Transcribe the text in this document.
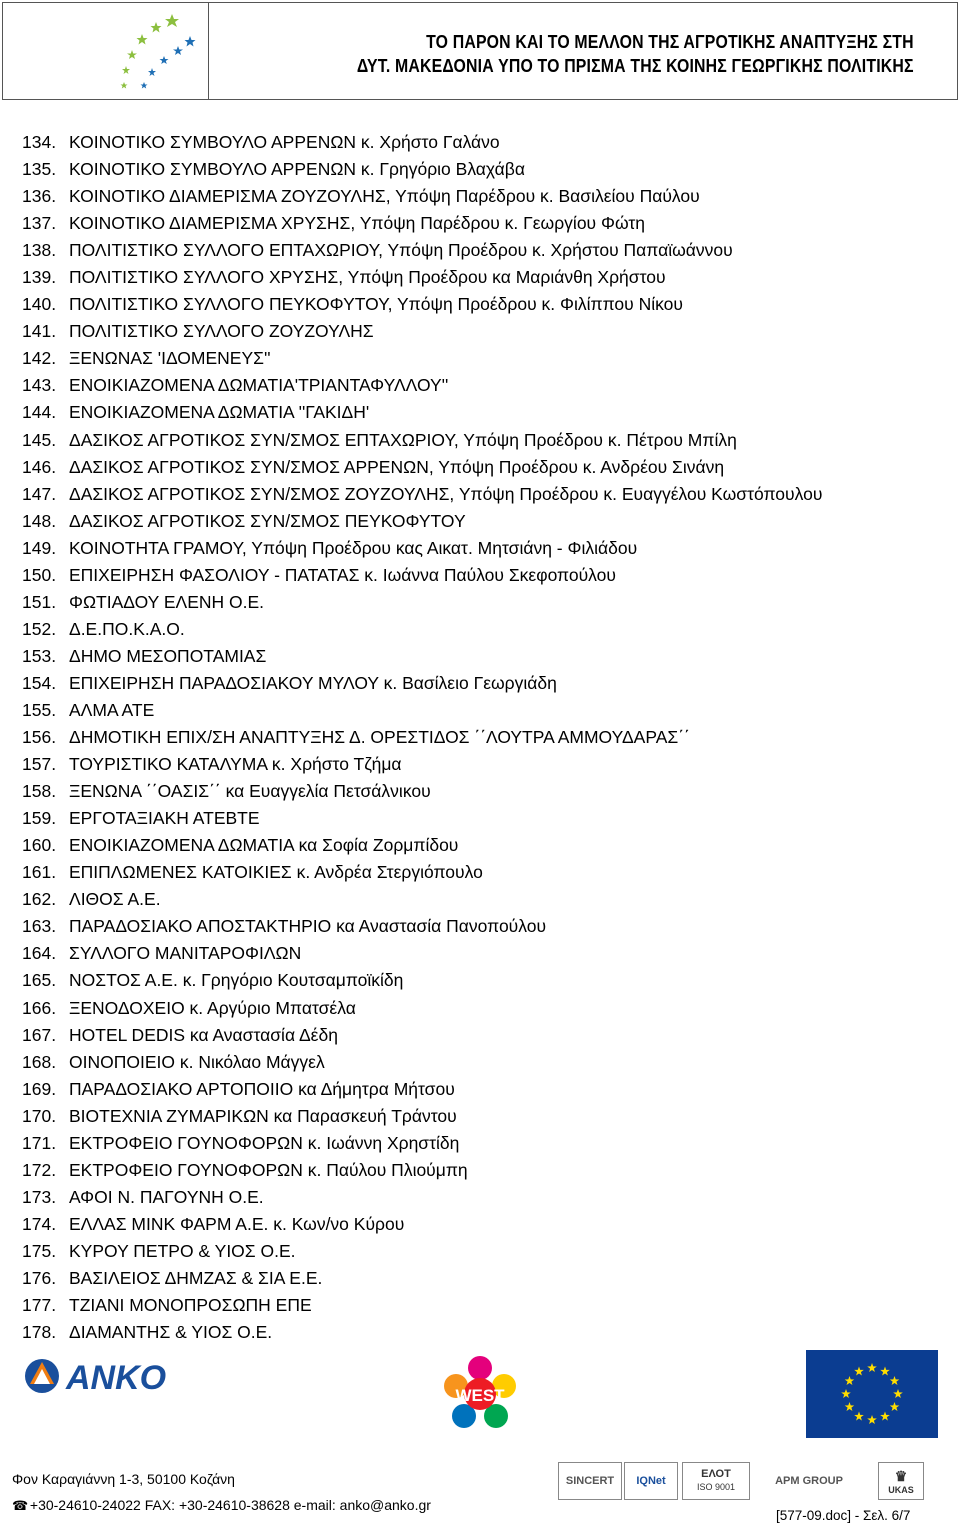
ΤΟ ΠΑΡΟΝ ΚΑΙ ΤΟ ΜΕΛΛΟΝ ΤΗΣ ΑΓΡΟΤΙΚΗΣ ΑΝΑΠΤΥΞΗΣ ΣΤΗ
ΔΥΤ. ΜΑΚΕΔΟΝΙΑ ΥΠΟ ΤΟ ΠΡΙΣΜΑ ΤΗΣ ΚΟΙΝΗΣ ΓΕΩΡΓΙΚΗΣ ΠΟΛΙΤΙΚΗΣ
134. ΚΟΙΝΟΤΙΚΟ ΣΥΜΒΟΥΛΟ ΑΡΡΕΝΩΝ κ. Χρήστο Γαλάνο
135. ΚΟΙΝΟΤΙΚΟ ΣΥΜΒΟΥΛΟ ΑΡΡΕΝΩΝ κ. Γρηγόριο Βλαχάβα
136. ΚΟΙΝΟΤΙΚΟ ΔΙΑΜΕΡΙΣΜΑ ΖΟΥΖΟΥΛΗΣ, Υπόψη Παρέδρου κ. Βασιλείου Παύλου
137. ΚΟΙΝΟΤΙΚΟ ΔΙΑΜΕΡΙΣΜΑ ΧΡΥΣΗΣ, Υπόψη Παρέδρου κ. Γεωργίου Φώτη
138. ΠΟΛΙΤΙΣΤΙΚΟ ΣΥΛΛΟΓΟ ΕΠΤΑΧΩΡΙΟΥ, Υπόψη Προέδρου κ. Χρήστου Παπαϊωάννου
139. ΠΟΛΙΤΙΣΤΙΚΟ ΣΥΛΛΟΓΟ ΧΡΥΣΗΣ, Υπόψη Προέδρου κα Μαριάνθη Χρήστου
140. ΠΟΛΙΤΙΣΤΙΚΟ ΣΥΛΛΟΓΟ ΠΕΥΚΟΦΥΤΟΥ, Υπόψη Προέδρου κ. Φιλίππου Νίκου
141. ΠΟΛΙΤΙΣΤΙΚΟ ΣΥΛΛΟΓΟ ΖΟΥΖΟΥΛΗΣ
142. ΞΕΝΩΝΑΣ 'ΙΔΟΜΕΝΕΥΣ''
143. ΕΝΟΙΚΙΑΖΟΜΕΝΑ ΔΩΜΑΤΙΑ'ΤΡΙΑΝΤΑΦΥΛΛΟΥ''
144. ΕΝΟΙΚΙΑΖΟΜΕΝΑ ΔΩΜΑΤΙΑ ''ΓΑΚΙΔΗ'
145. ΔΑΣΙΚΟΣ ΑΓΡΟΤΙΚΟΣ ΣΥΝ/ΣΜΟΣ ΕΠΤΑΧΩΡΙΟΥ, Υπόψη Προέδρου κ. Πέτρου Μπίλη
146. ΔΑΣΙΚΟΣ ΑΓΡΟΤΙΚΟΣ ΣΥΝ/ΣΜΟΣ ΑΡΡΕΝΩΝ, Υπόψη Προέδρου κ. Ανδρέου Σινάνη
147. ΔΑΣΙΚΟΣ ΑΓΡΟΤΙΚΟΣ ΣΥΝ/ΣΜΟΣ ΖΟΥΖΟΥΛΗΣ, Υπόψη Προέδρου κ. Ευαγγέλου Κωστόπουλου
148. ΔΑΣΙΚΟΣ ΑΓΡΟΤΙΚΟΣ ΣΥΝ/ΣΜΟΣ ΠΕΥΚΟΦΥΤΟΥ
149. ΚΟΙΝΟΤΗΤΑ ΓΡΑΜΟΥ, Υπόψη Προέδρου κας Αικατ. Μητσιάνη - Φιλιάδου
150. ΕΠΙΧΕΙΡΗΣΗ ΦΑΣΟΛΙΟΥ - ΠΑΤΑΤΑΣ κ. Ιωάννα Παύλου Σκεφοπούλου
151. ΦΩΤΙΑΔΟΥ ΕΛΕΝΗ Ο.Ε.
152. Δ.Ε.ΠΟ.Κ.Α.Ο.
153. ΔΗΜΟ ΜΕΣΟΠΟΤΑΜΙΑΣ
154. ΕΠΙΧΕΙΡΗΣΗ ΠΑΡΑΔΟΣΙΑΚΟΥ ΜΥΛΟΥ κ. Βασίλειο Γεωργιάδη
155. ΑΛΜΑ ΑΤΕ
156. ΔΗΜΟΤΙΚΗ ΕΠΙΧ/ΣΗ ΑΝΑΠΤΥΞΗΣ Δ. ΟΡΕΣΤΙΔΟΣ ΄΄ΛΟΥΤΡΑ ΑΜΜΟΥΔΑΡΑΣ΄΄
157. ΤΟΥΡΙΣΤΙΚΟ ΚΑΤΑΛΥΜΑ κ. Χρήστο Τζήμα
158. ΞΕΝΩΝΑ ΄΄ΟΑΣΙΣ΄΄ κα Ευαγγελία Πετσάλνικου
159. ΕΡΓΟΤΑΞΙΑΚΗ ΑΤΕΒΤΕ
160. ΕΝΟΙΚΙΑΖΟΜΕΝΑ ΔΩΜΑΤΙΑ κα Σοφία Ζορμπίδου
161. ΕΠΙΠΛΩΜΕΝΕΣ ΚΑΤΟΙΚΙΕΣ κ. Ανδρέα Στεργιόπουλο
162. ΛΙΘΟΣ Α.Ε.
163. ΠΑΡΑΔΟΣΙΑΚΟ ΑΠΟΣΤΑΚΤΗΡΙΟ κα Αναστασία Πανοπούλου
164. ΣΥΛΛΟΓΟ ΜΑΝΙΤΑΡΟΦΙΛΩΝ
165. ΝΟΣΤΟΣ Α.Ε. κ. Γρηγόριο Κουτσαμποϊκίδη
166. ΞΕΝΟΔΟΧΕΙΟ κ. Αργύριο Μπατσέλα
167. HOTEL DEDIS κα Αναστασία Δέδη
168. ΟΙΝΟΠΟΙΕΙΟ κ. Νικόλαο Μάγγελ
169. ΠΑΡΑΔΟΣΙΑΚΟ ΑΡΤΟΠΟΙΙΟ κα Δήμητρα Μήτσου
170. ΒΙΟΤΕΧΝΙΑ ΖΥΜΑΡΙΚΩΝ κα Παρασκευή Τράντου
171. ΕΚΤΡΟΦΕΙΟ ΓΟΥΝΟΦΟΡΩΝ κ. Ιωάννη Χρηστίδη
172. ΕΚΤΡΟΦΕΙΟ ΓΟΥΝΟΦΟΡΩΝ κ. Παύλου Πλιούμπη
173. ΑΦΟΙ Ν. ΠΑΓΟΥΝΗ Ο.Ε.
174. ΕΛΛΑΣ ΜΙΝΚ ΦΑΡΜ Α.Ε. κ. Κων/νο Κύρου
175. ΚΥΡΟΥ ΠΕΤΡΟ & ΥΙΟΣ Ο.Ε.
176. ΒΑΣΙΛΕΙΟΣ ΔΗΜΖΑΣ & ΣΙΑ Ε.Ε.
177. ΤΖΙΑΝΙ ΜΟΝΟΠΡΟΣΩΠΗ ΕΠΕ
178. ΔΙΑΜΑΝΤΗΣ & ΥΙΟΣ Ο.Ε.
ANKO	WEST
Φον Καραγιάννη 1-3, 50100 Κοζάνη
☎ +30-24610-24022 FAX: +30-24610-38628 e-mail: anko@anko.gr
SINCERT IQNet
ΕΛΟΤ
ISO 9001	APM GROUP	♛
UKAS
[577-09.doc] - Σελ. 6/7
